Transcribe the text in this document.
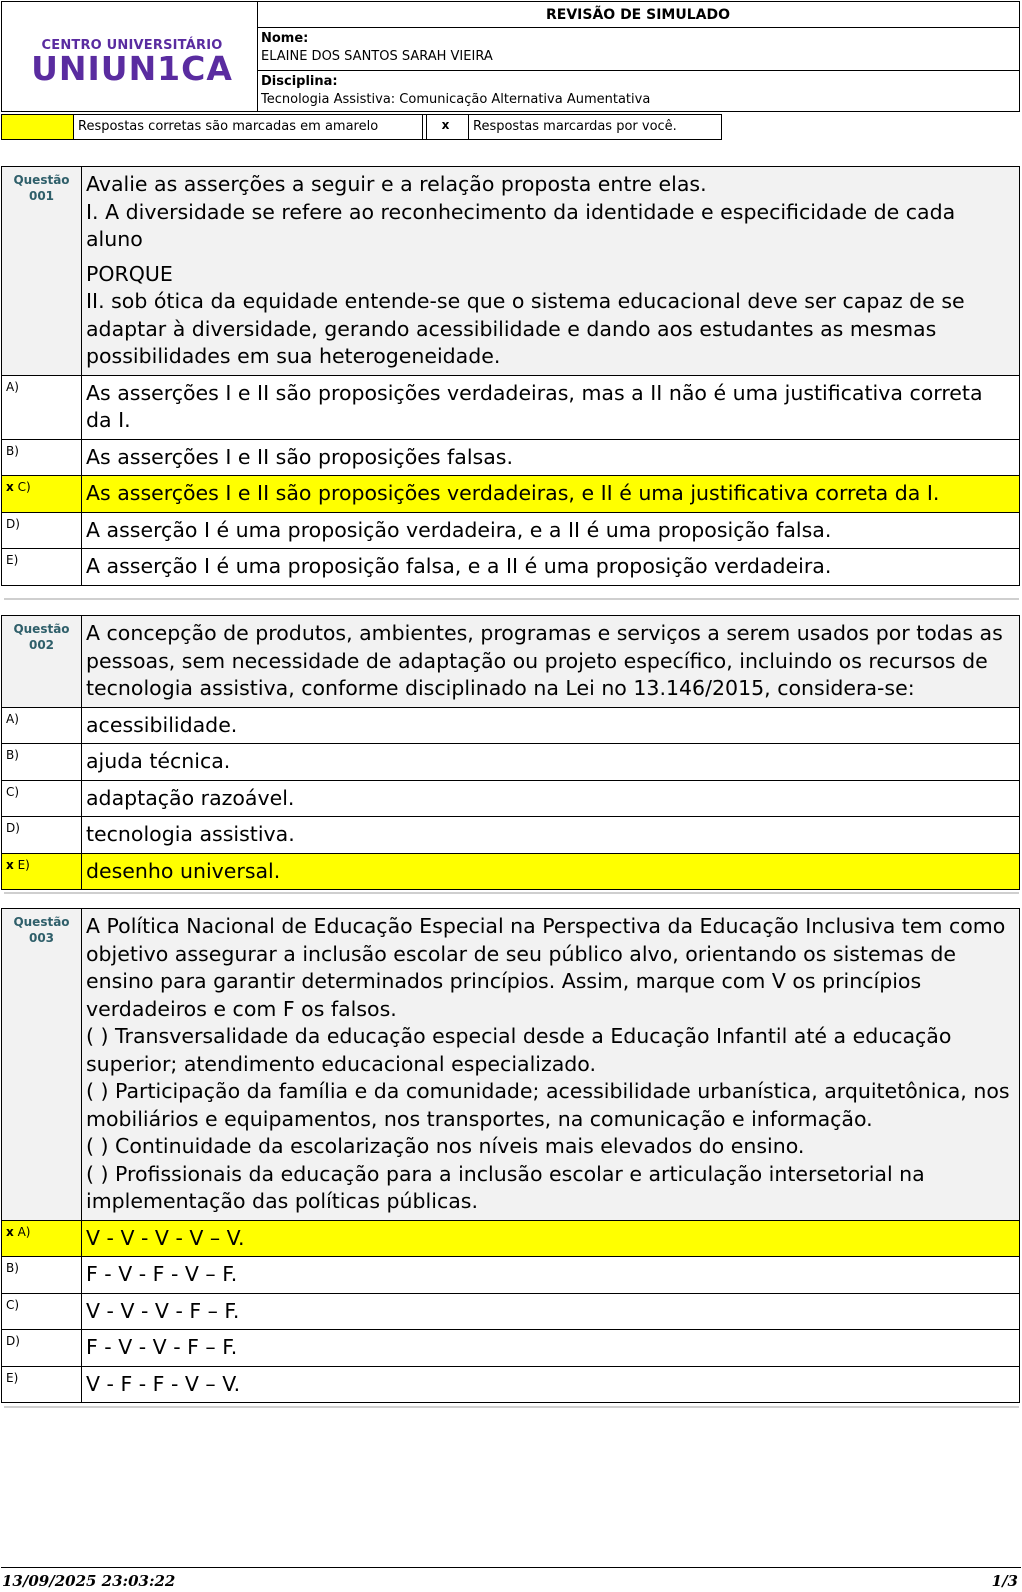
CENTRO UNIVERSITÁRIO
UNIUN1CA
REVISÃO DE SIMULADO
Nome:
ELAINE DOS SANTOS SARAH VIEIRA
Disciplina:
Tecnologia Assistiva: Comunicação Alternativa Aumentativa
Respostas corretas são marcadas em amarelo	x	Respostas marcardas por você.
Questão
001	Avalie as asserções a seguir e a relação proposta entre elas.
I. A diversidade se refere ao reconhecimento da identidade e especificidade de cada aluno
PORQUE
II. sob ótica da equidade entende-se que o sistema educacional deve ser capaz de se adaptar à diversidade, gerando acessibilidade e dando aos estudantes as mesmas possibilidades em sua heterogeneidade.
A)	As asserções I e II são proposições verdadeiras, mas a II não é uma justificativa correta da I.
B)	As asserções I e II são proposições falsas.
x C)	As asserções I e II são proposições verdadeiras, e II é uma justificativa correta da I.
D)	A asserção I é uma proposição verdadeira, e a II é uma proposição falsa.
E)	A asserção I é uma proposição falsa, e a II é uma proposição verdadeira.
Questão
002	A concepção de produtos, ambientes, programas e serviços a serem usados por todas as pessoas, sem necessidade de adaptação ou projeto específico, incluindo os recursos de tecnologia assistiva, conforme disciplinado na Lei no 13.146/2015, considera-se:
A)	acessibilidade.
B)	ajuda técnica.
C)	adaptação razoável.
D)	tecnologia assistiva.
x E)	desenho universal.
Questão
003	A Política Nacional de Educação Especial na Perspectiva da Educação Inclusiva tem como objetivo assegurar a inclusão escolar de seu público alvo, orientando os sistemas de ensino para garantir determinados princípios. Assim, marque com V os princípios verdadeiros e com F os falsos.
( ) Transversalidade da educação especial desde a Educação Infantil até a educação superior; atendimento educacional especializado.
( ) Participação da família e da comunidade; acessibilidade urbanística, arquitetônica, nos mobiliários e equipamentos, nos transportes, na comunicação e informação.
( ) Continuidade da escolarização nos níveis mais elevados do ensino.
( ) Profissionais da educação para a inclusão escolar e articulação intersetorial na implementação das políticas públicas.
x A)	V - V - V - V – V.
B)	F - V - F - V – F.
C)	V - V - V - F – F.
D)	F - V - V - F – F.
E)	V - F - F - V – V.
13/09/2025 23:03:22	1/3
